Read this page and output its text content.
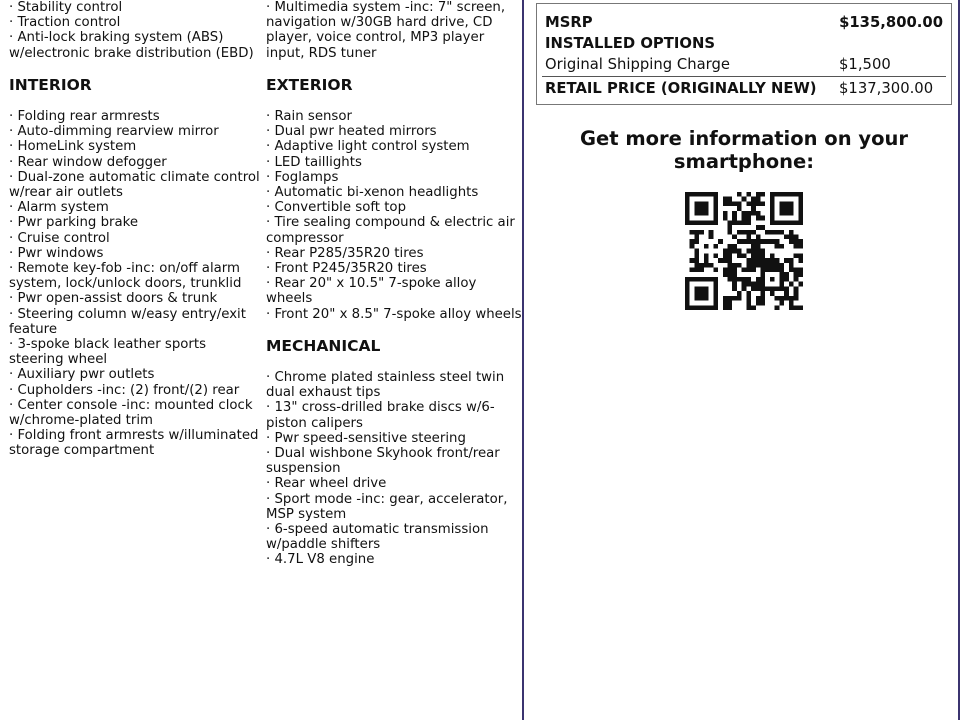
· Stability control
· Traction control
· Anti-lock braking system (ABS)
w/electronic brake distribution (EBD)
INTERIOR
· Folding rear armrests
· Auto-dimming rearview mirror
· HomeLink system
· Rear window defogger
· Dual-zone automatic climate control
w/rear air outlets
· Alarm system
· Pwr parking brake
· Cruise control
· Pwr windows
· Remote key-fob -inc: on/off alarm
system, lock/unlock doors, trunklid
· Pwr open-assist doors & trunk
· Steering column w/easy entry/exit
feature
· 3-spoke black leather sports
steering wheel
· Auxiliary pwr outlets
· Cupholders -inc: (2) front/(2) rear
· Center console -inc: mounted clock
w/chrome-plated trim
· Folding front armrests w/illuminated
storage compartment
· Multimedia system -inc: 7" screen,
navigation w/30GB hard drive, CD
player, voice control, MP3 player
input, RDS tuner
EXTERIOR
· Rain sensor
· Dual pwr heated mirrors
· Adaptive light control system
· LED taillights
· Foglamps
· Automatic bi-xenon headlights
· Convertible soft top
· Tire sealing compound & electric air
compressor
· Rear P285/35R20 tires
· Front P245/35R20 tires
· Rear 20" x 10.5" 7-spoke alloy
wheels
· Front 20" x 8.5" 7-spoke alloy wheels
MECHANICAL
· Chrome plated stainless steel twin
dual exhaust tips
· 13" cross-drilled brake discs w/6-
piston calipers
· Pwr speed-sensitive steering
· Dual wishbone Skyhook front/rear
suspension
· Rear wheel drive
· Sport mode -inc: gear, accelerator,
MSP system
· 6-speed automatic transmission
w/paddle shifters
· 4.7L V8 engine
MSRP	$135,800.00
INSTALLED OPTIONS
Original Shipping Charge	$1,500
RETAIL PRICE (ORIGINALLY NEW) $137,300.00
Get more information on your
smartphone:
